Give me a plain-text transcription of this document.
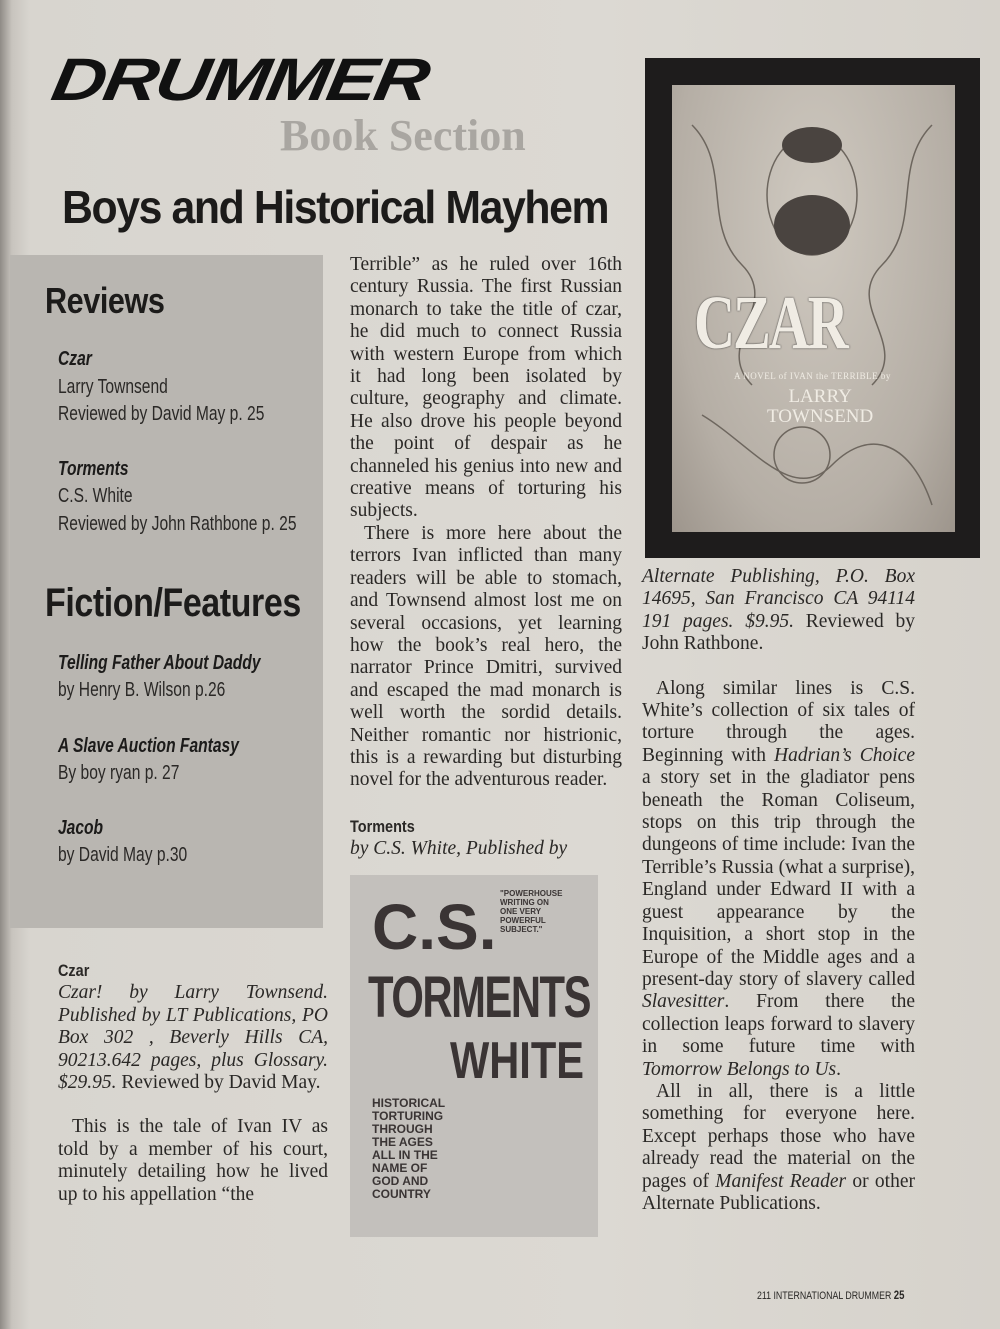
Book Section
DRUMMER
Boys and Historical Mayhem
Reviews
Czar
Larry Townsend
Reviewed by David May p. 25
Torments
C.S. White
Reviewed by John Rathbone p. 25
Fiction/Features
Telling Father About Daddy
by Henry B. Wilson p.26
A Slave Auction Fantasy
By boy ryan p. 27
Jacob
by David May p.30

Czar

Czar! by Larry Townsend. Published by LT Publications, PO Box 302 , Beverly Hills CA, 90213.642 pages, plus Glossary. $29.95. Reviewed by David May.

This is the tale of Ivan IV as told by a member of his court, minutely detailing how he lived up to his appellation “the

Terrible” as he ruled over 16th century Russia. The first Russian monarch to take the title of czar, he did much to connect Russia with western Europe from which it had long been isolated by culture, geography and climate. He also drove his people beyond the point of despair as he channeled his genius into new and creative means of torturing his subjects.

There is more here about the terrors Ivan inflicted than many readers will be able to stomach, and Townsend almost lost me on several occasions, yet learning how the book’s real hero, the narrator Prince Dmitri, survived and escaped the mad monarch is well worth the sordid details. Neither romantic nor histrionic, this is a rewarding but disturbing novel for the adventurous reader.

Torments

by C.S. White, Published by

"POWERHOUSE
WRITING ON
ONE VERY
POWERFUL
SUBJECT."
C.S.
TORMENTS
WHITE
HISTORICAL
TORTURING
THROUGH
THE AGES
ALL IN THE
NAME OF
GOD AND
COUNTRY
CZAR
A NOVEL of IVAN the TERRIBLE by
LARRY
TOWNSEND

Alternate Publishing, P.O. Box 14695, San Francisco CA 94114 191 pages. $9.95. Reviewed by John Rathbone.

Along similar lines is C.S. White’s collection of six tales of torture through the ages. Beginning with Hadrian’s Choice a story set in the gladiator pens beneath the Roman Coliseum, stops on this trip through the dungeons of time include: Ivan the Terrible’s Russia (what a surprise), England under Edward II with a guest appearance by the Inquisition, a short stop in the Europe of the Middle ages and a present-day story of slavery called Slavesitter. From there the collection leaps forward to slavery in some future time with Tomorrow Belongs to Us.

All in all, there is a little something for everyone here. Except perhaps those who have already read the material on the pages of Manifest Reader or other Alternate Publications.

211 INTERNATIONAL DRUMMER 25
